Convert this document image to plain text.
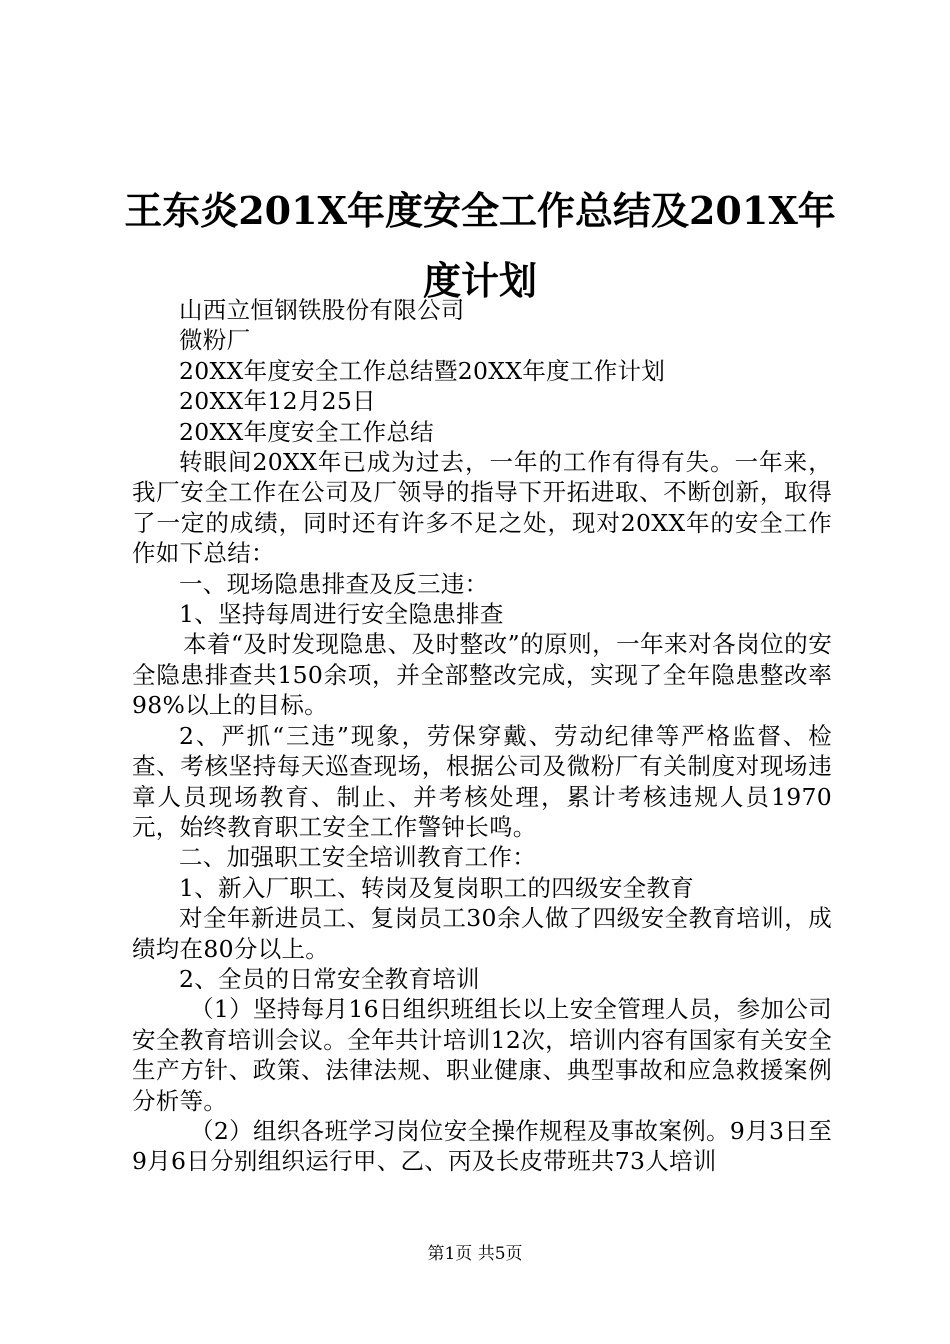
王东炎201X年度安全工作总结及201X年度计划

山西立恒钢铁股份有限公司

微粉厂

20XX年度安全工作总结暨20XX年度工作计划

20XX年12月25日

20XX年度安全工作总结

转眼间20XX年已成为过去，一年的工作有得有失。一年来，我厂安全工作在公司及厂领导的指导下开拓进取、不断创新，取得了一定的成绩，同时还有许多不足之处，现对20XX年的安全工作作如下总结：

一、现场隐患排查及反三违：

1、坚持每周进行安全隐患排查

本着“及时发现隐患、及时整改”的原则，一年来对各岗位的安全隐患排查共150余项，并全部整改完成，实现了全年隐患整改率98%以上的目标。

2、严抓“三违”现象，劳保穿戴、劳动纪律等严格监督、检查、考核坚持每天巡查现场，根据公司及微粉厂有关制度对现场违章人员现场教育、制止、并考核处理，累计考核违规人员1970元，始终教育职工安全工作警钟长鸣。

二、加强职工安全培训教育工作：

1、新入厂职工、转岗及复岗职工的四级安全教育

对全年新进员工、复岗员工30余人做了四级安全教育培训，成绩均在80分以上。

2、全员的日常安全教育培训

（1）坚持每月16日组织班组长以上安全管理人员，参加公司安全教育培训会议。全年共计培训12次，培训内容有国家有关安全生产方针、政策、法律法规、职业健康、典型事故和应急救援案例分析等。

（2）组织各班学习岗位安全操作规程及事故案例。9月3日至9月6日分别组织运行甲、乙、丙及长皮带班共73人培训

第1页 共5页
